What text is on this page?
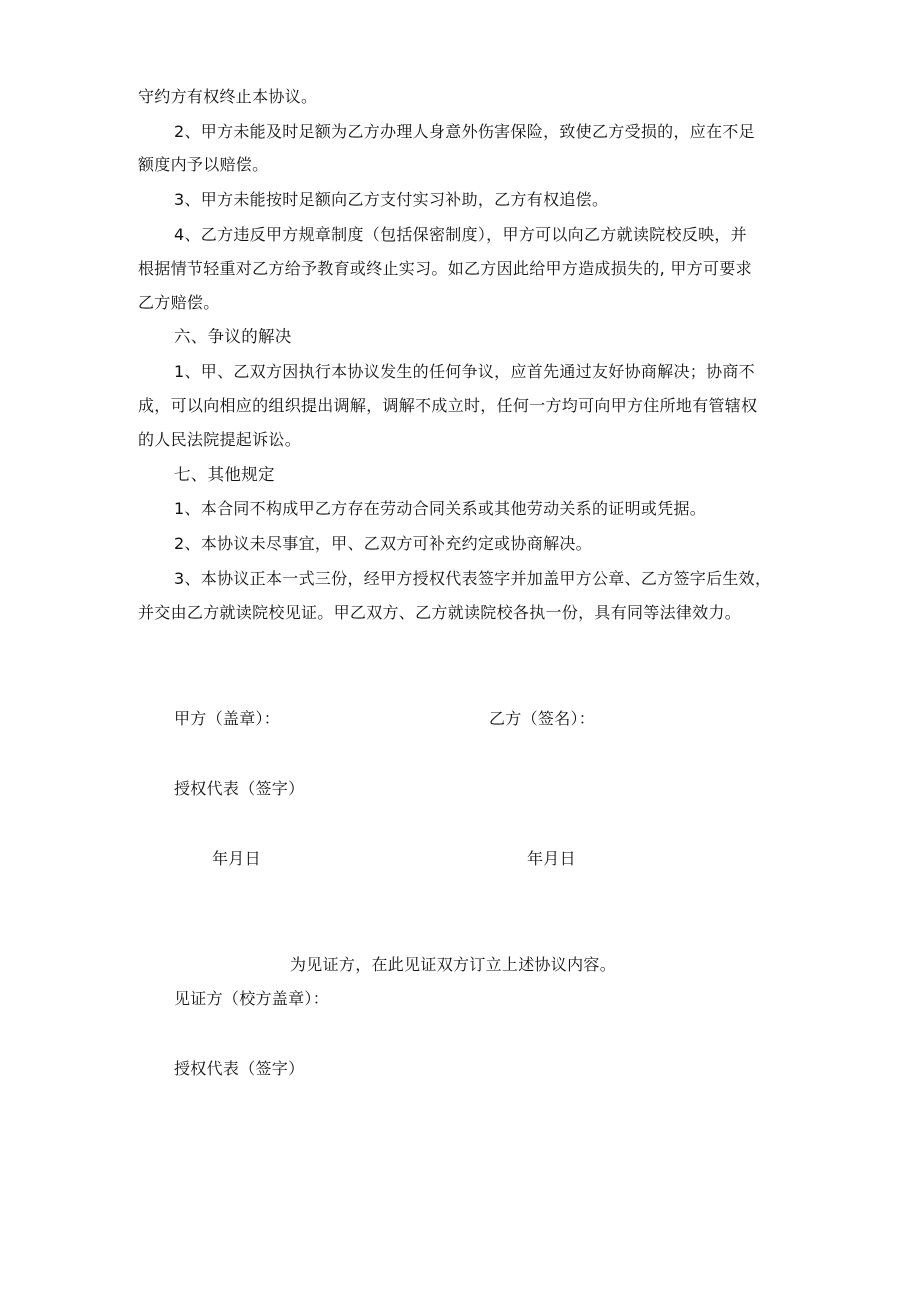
守约方有权终止本协议。
2、甲方未能及时足额为乙方办理人身意外伤害保险，致使乙方受损的，应在不足
额度内予以赔偿。
3、甲方未能按时足额向乙方支付实习补助，乙方有权追偿。
4、乙方违反甲方规章制度（包括保密制度），甲方可以向乙方就读院校反映，并
根据情节轻重对乙方给予教育或终止实习。如乙方因此给甲方造成损失的, 甲方可要求
乙方赔偿。
六、争议的解决
1、甲、乙双方因执行本协议发生的任何争议，应首先通过友好协商解决；协商不
成，可以向相应的组织提出调解，调解不成立时，任何一方均可向甲方住所地有管辖权
的人民法院提起诉讼。
七、其他规定
1、本合同不构成甲乙方存在劳动合同关系或其他劳动关系的证明或凭据。
2、本协议未尽事宜，甲、乙双方可补充约定或协商解决。
3、本协议正本一式三份，经甲方授权代表签字并加盖甲方公章、乙方签字后生效，
并交由乙方就读院校见证。甲乙双方、乙方就读院校各执一份，具有同等法律效力。
甲方（盖章）：	乙方（签名）：
授权代表（签字）
年月日	年月日
为见证方，在此见证双方订立上述协议内容。
见证方（校方盖章）：
授权代表（签字）
